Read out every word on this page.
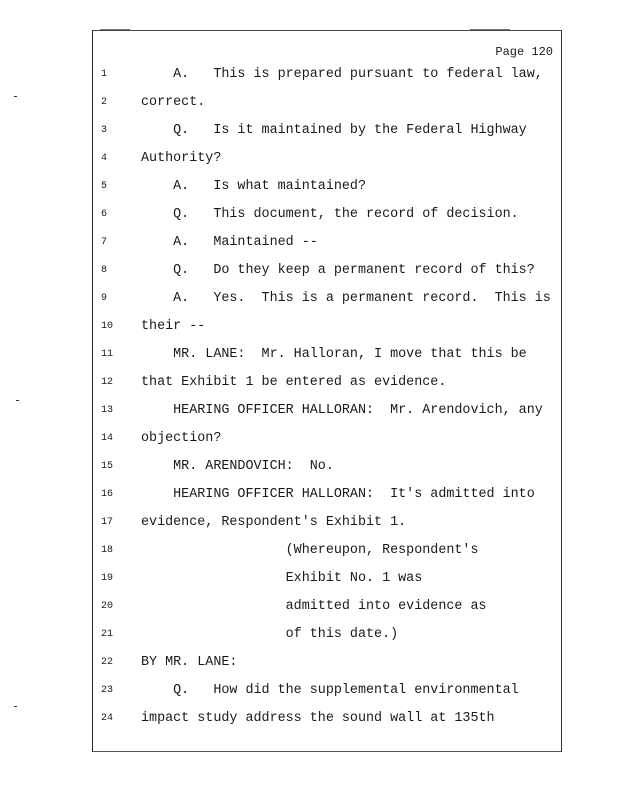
Page 120
1	A.   This is prepared pursuant to federal law,
2	correct.
3	Q.   Is it maintained by the Federal Highway
4	Authority?
5	A.   Is what maintained?
6	Q.   This document, the record of decision.
7	A.   Maintained --
8	Q.   Do they keep a permanent record of this?
9	A.   Yes.  This is a permanent record.  This is
10	their --
11	MR. LANE:  Mr. Halloran, I move that this be
12	that Exhibit 1 be entered as evidence.
13	HEARING OFFICER HALLORAN:  Mr. Arendovich, any
14	objection?
15	MR. ARENDOVICH:  No.
16	HEARING OFFICER HALLORAN:  It's admitted into
17	evidence, Respondent's Exhibit 1.
18	(Whereupon, Respondent's
19	Exhibit No. 1 was
20	admitted into evidence as
21	of this date.)
22	BY MR. LANE:
23	Q.   How did the supplemental environmental
24	impact study address the sound wall at 135th
